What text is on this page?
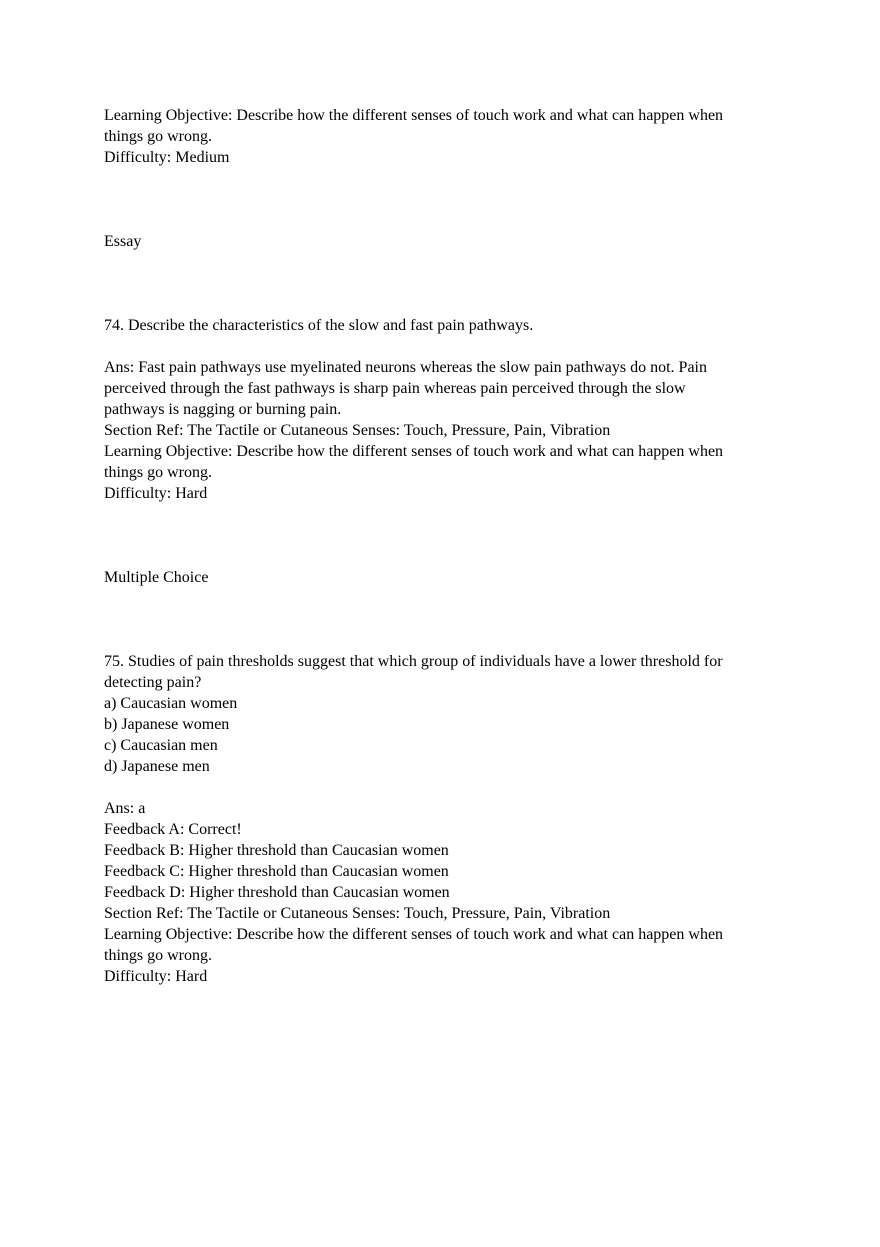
Learning Objective: Describe how the different senses of touch work and what can happen when

things go wrong.

Difficulty: Medium

Essay

74. Describe the characteristics of the slow and fast pain pathways.

Ans: Fast pain pathways use myelinated neurons whereas the slow pain pathways do not. Pain

perceived through the fast pathways is sharp pain whereas pain perceived through the slow

pathways is nagging or burning pain.

Section Ref: The Tactile or Cutaneous Senses: Touch, Pressure, Pain, Vibration

Learning Objective: Describe how the different senses of touch work and what can happen when

things go wrong.

Difficulty: Hard

Multiple Choice

75. Studies of pain thresholds suggest that which group of individuals have a lower threshold for

detecting pain?

a) Caucasian women

b) Japanese women

c) Caucasian men

d) Japanese men

Ans: a

Feedback A: Correct!

Feedback B: Higher threshold than Caucasian women

Feedback C: Higher threshold than Caucasian women

Feedback D: Higher threshold than Caucasian women

Section Ref: The Tactile or Cutaneous Senses: Touch, Pressure, Pain, Vibration

Learning Objective: Describe how the different senses of touch work and what can happen when

things go wrong.

Difficulty: Hard
